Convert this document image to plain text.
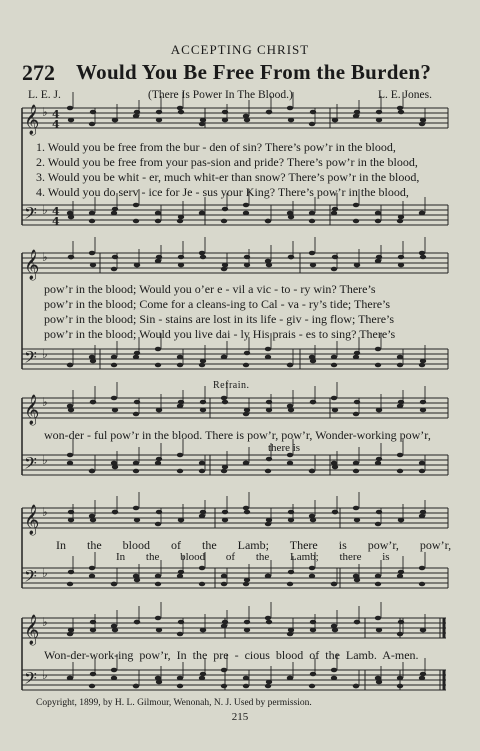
𝄞
𝄢
𝄞
𝄢
𝄞
𝄢
𝄞
𝄢
𝄞
𝄢
♭
♭
♭
♭
♭
♭
♭
♭
♭
♭
4
4
4
4
ACCEPTING CHRIST
272 Would You Be Free From the Burden?
L. E. J.	(There Is Power In The Blood.)	L. E. Jones.
1. Would you be free from the bur - den of sin? There’s pow’r in the blood,
2. Would you be free from your pas-sion and pride? There’s pow’r in the blood,
3. Would you be whit - er, much whit-er than snow? There’s pow’r in the blood,
4. Would you do serv - ice for Je - sus your King? There’s pow’r in the blood,
pow’r in the blood; Would you o’er e - vil a vic - to - ry win? There’s
pow’r in the blood; Come for a cleans-ing to Cal - va - ry’s tide; There’s
pow’r in the blood; Sin - stains are lost in its life - giv - ing flow; There’s
pow’r in the blood; Would you live dai - ly His prais - es to sing? There’s
Refrain.
won-der - ful pow’r in the blood. There is pow’r, pow’r, Wonder-working pow’r,
there is
In the blood of the Lamb; There is pow’r, pow’r,
In the blood of the Lamb; there is
Won-der-work-ing pow’r, In the pre - cious blood of the Lamb. A-men.
Copyright, 1899, by H. L. Gilmour, Wenonah, N. J. Used by permission.
215
